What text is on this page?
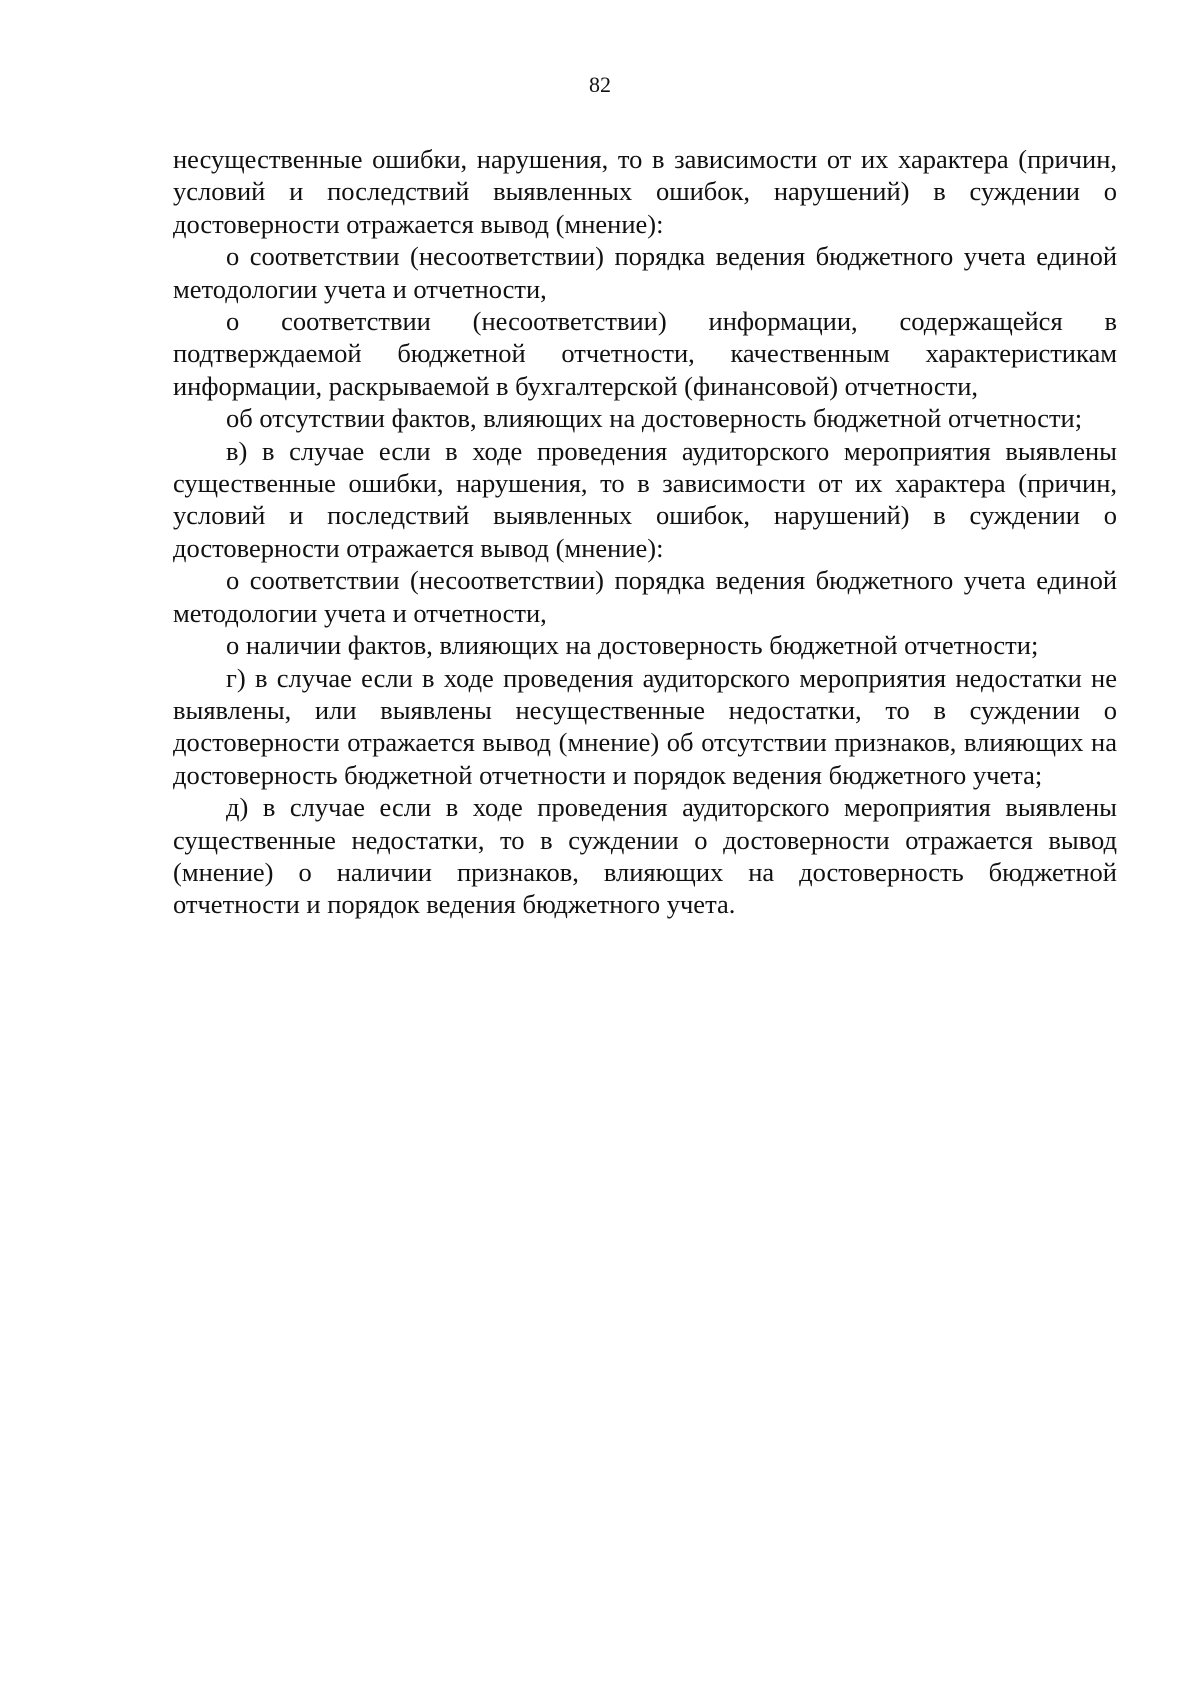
82

несущественные ошибки, нарушения, то в зависимости от их характера (причин, условий и последствий выявленных ошибок, нарушений) в суждении о достоверности отражается вывод (мнение):

о соответствии (несоответствии) порядка ведения бюджетного учета единой методологии учета и отчетности,

о соответствии (несоответствии) информации, содержащейся в подтверждаемой бюджетной отчетности, качественным характеристикам информации, раскрываемой в бухгалтерской (финансовой) отчетности,

об отсутствии фактов, влияющих на достоверность бюджетной отчетности;

в) в случае если в ходе проведения аудиторского мероприятия выявлены существенные ошибки, нарушения, то в зависимости от их характера (причин, условий и последствий выявленных ошибок, нарушений) в суждении о достоверности отражается вывод (мнение):

о соответствии (несоответствии) порядка ведения бюджетного учета единой методологии учета и отчетности,

о наличии фактов, влияющих на достоверность бюджетной отчетности;

г) в случае если в ходе проведения аудиторского мероприятия недостатки не выявлены, или выявлены несущественные недостатки, то в суждении о достоверности отражается вывод (мнение) об отсутствии признаков, влияющих на достоверность бюджетной отчетности и порядок ведения бюджетного учета;

д) в случае если в ходе проведения аудиторского мероприятия выявлены существенные недостатки, то в суждении о достоверности отражается вывод (мнение) о наличии признаков, влияющих на достоверность бюджетной отчетности и порядок ведения бюджетного учета.
